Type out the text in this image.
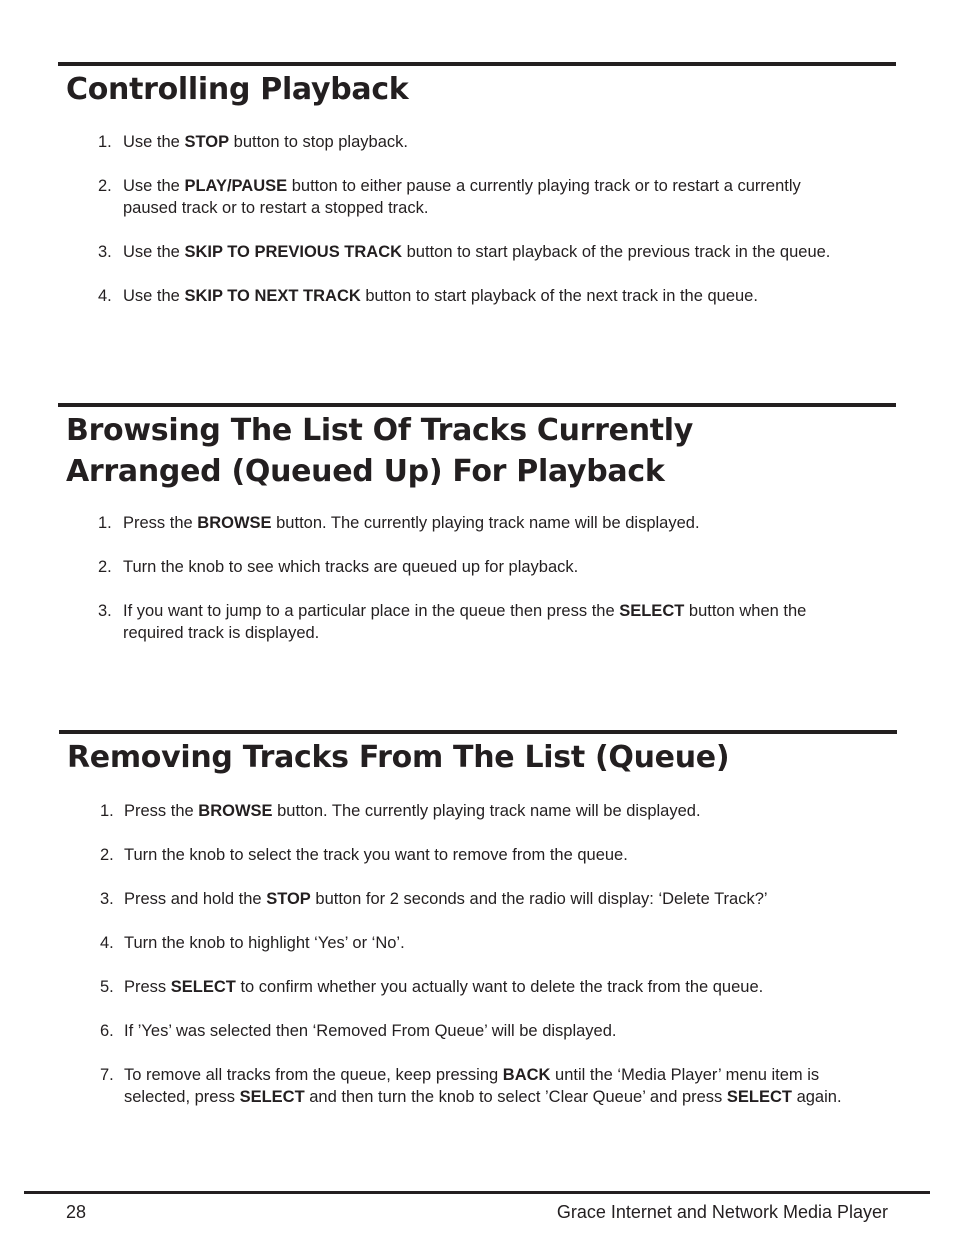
Controlling Playback
1. Use the STOP button to stop playback.
2. Use the PLAY/PAUSE button to either pause a currently playing track or to restart a currently paused track or to restart a stopped track.
3. Use the SKIP TO PREVIOUS TRACK button to start playback of the previous track in the queue.
4. Use the SKIP TO NEXT TRACK button to start playback of the next track in the queue.
Browsing The List Of Tracks Currently Arranged (Queued Up) For Playback
1. Press the BROWSE button. The currently playing track name will be displayed.
2. Turn the knob to see which tracks are queued up for playback.
3. If you want to jump to a particular place in the queue then press the SELECT button when the required track is displayed.
Removing Tracks From The List (Queue)
1. Press the BROWSE button. The currently playing track name will be displayed.
2. Turn the knob to select the track you want to remove from the queue.
3. Press and hold the STOP button for 2 seconds and the radio will display: ‘Delete Track?’
4. Turn the knob to highlight ‘Yes’ or ‘No’.
5. Press SELECT to confirm whether you actually want to delete the track from the queue.
6. If ’Yes’ was selected then ‘Removed From Queue’ will be displayed.
7. To remove all tracks from the queue, keep pressing BACK until the ‘Media Player’ menu item is selected, press SELECT and then turn the knob to select ’Clear Queue’ and press SELECT again.
28	Grace Internet and Network Media Player
